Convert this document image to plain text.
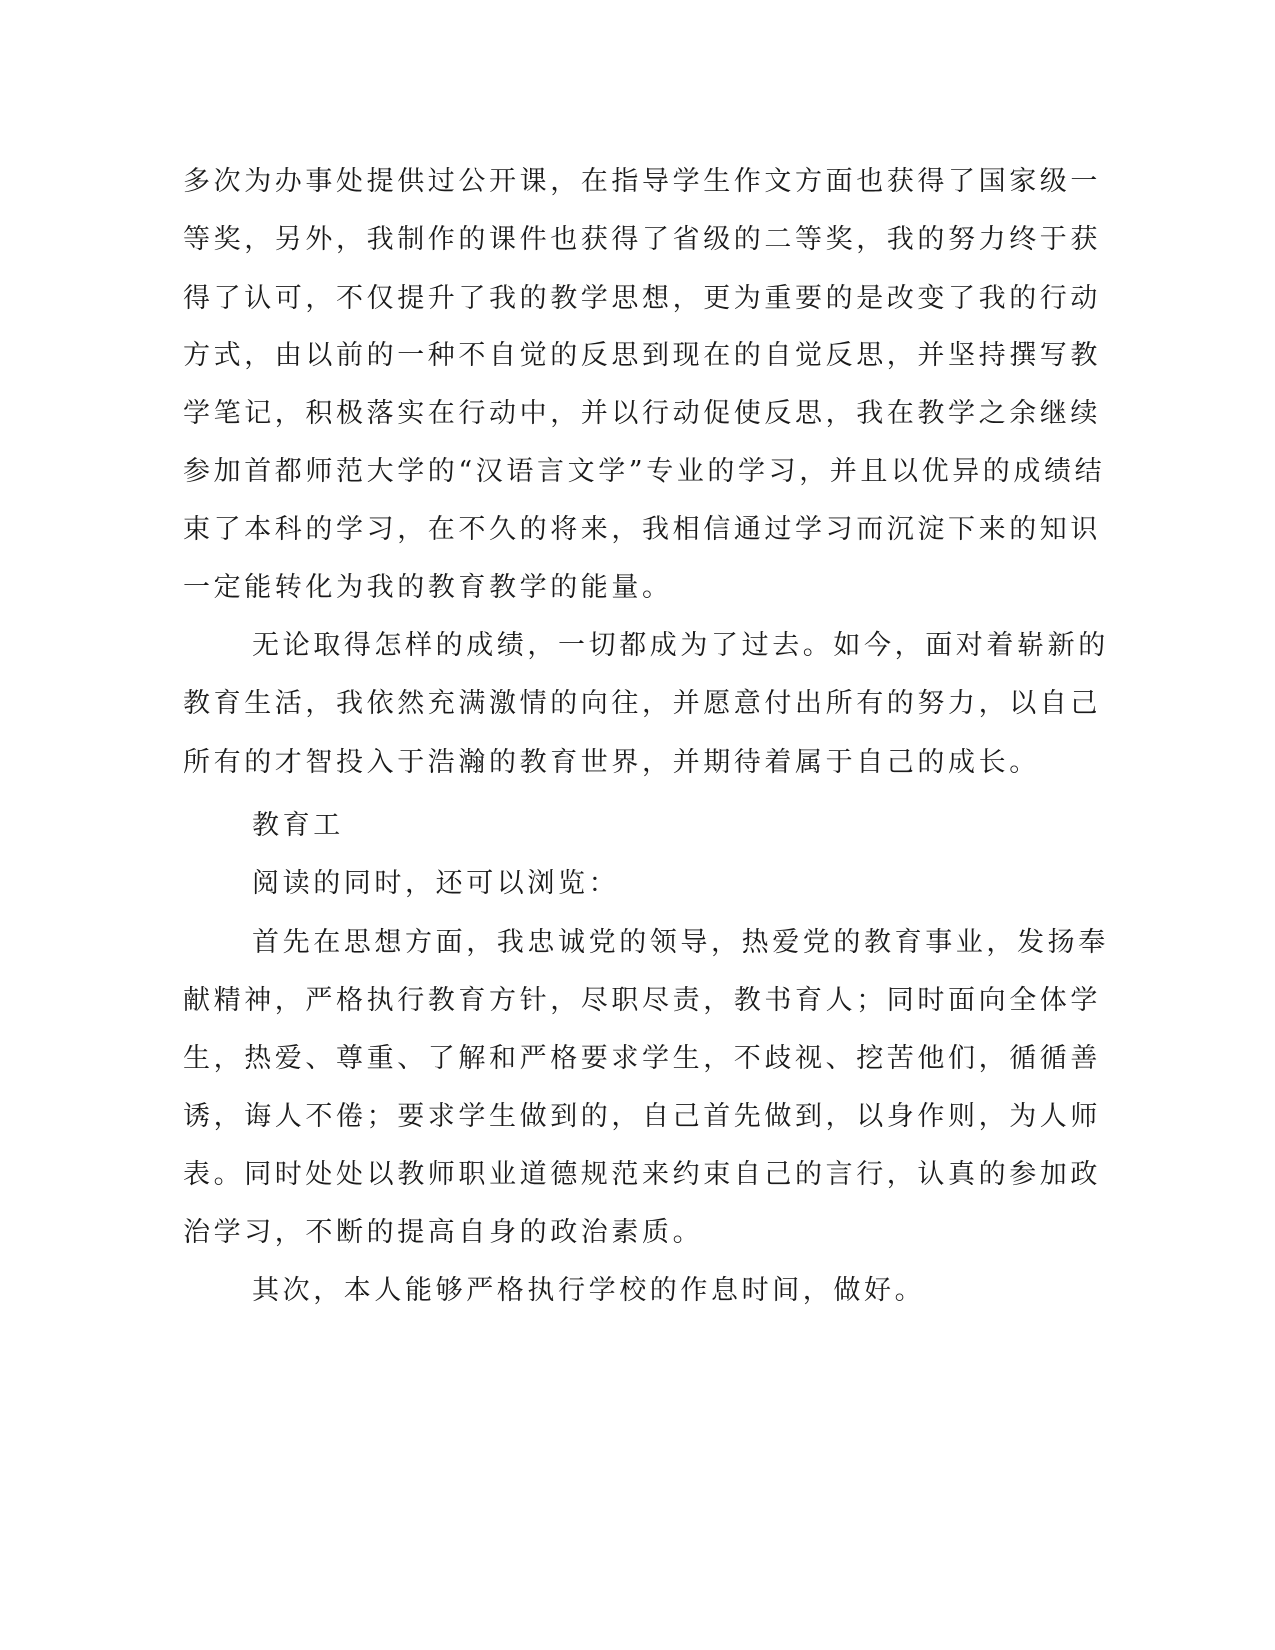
多次为办事处提供过公开课，在指导学生作文方面也获得了国家级一
等奖，另外，我制作的课件也获得了省级的二等奖，我的努力终于获
得了认可，不仅提升了我的教学思想，更为重要的是改变了我的行动
方式，由以前的一种不自觉的反思到现在的自觉反思，并坚持撰写教
学笔记，积极落实在行动中，并以行动促使反思，我在教学之余继续
参加首都师范大学的“汉语言文学”专业的学习，并且以优异的成绩结
束了本科的学习，在不久的将来，我相信通过学习而沉淀下来的知识
一定能转化为我的教育教学的能量。
无论取得怎样的成绩，一切都成为了过去。如今，面对着崭新的
教育生活，我依然充满激情的向往，并愿意付出所有的努力，以自己
所有的才智投入于浩瀚的教育世界，并期待着属于自己的成长。
教育工
阅读的同时，还可以浏览：
首先在思想方面，我忠诚党的领导，热爱党的教育事业，发扬奉
献精神，严格执行教育方针，尽职尽责，教书育人；同时面向全体学
生，热爱、尊重、了解和严格要求学生，不歧视、挖苦他们，循循善
诱，诲人不倦；要求学生做到的，自己首先做到，以身作则，为人师
表。同时处处以教师职业道德规范来约束自己的言行，认真的参加政
治学习，不断的提高自身的政治素质。
其次，本人能够严格执行学校的作息时间，做好。
